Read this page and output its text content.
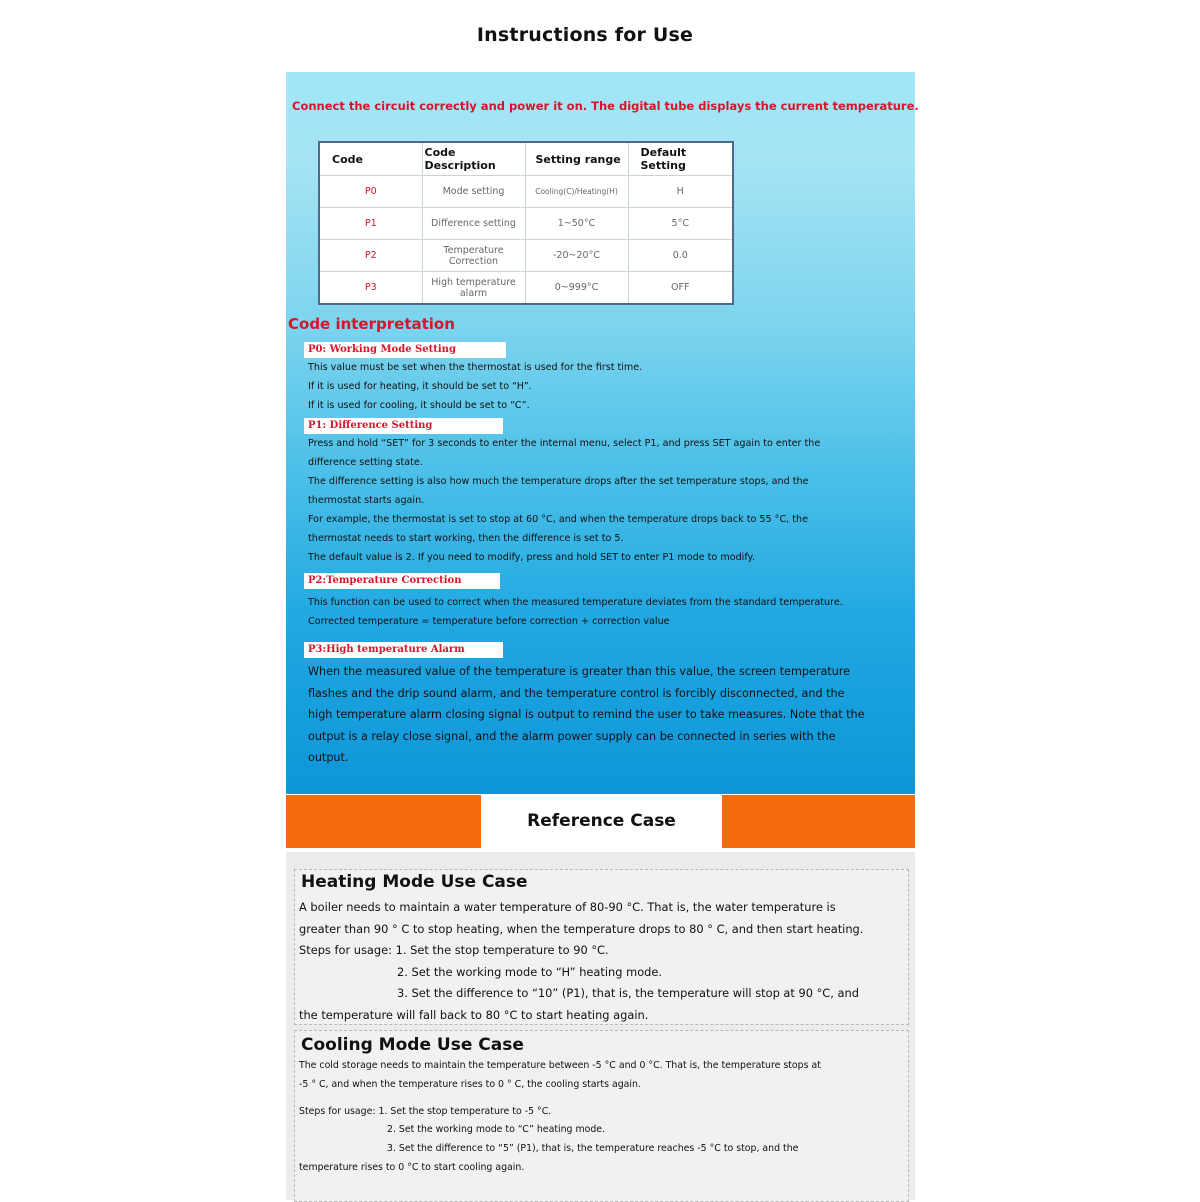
Instructions for Use
Connect the circuit correctly and power it on. The digital tube displays the current temperature.
Code	Code Description	Setting range	Default Setting
P0	Mode setting	Cooling(C)/Heating(H)	H
P1	Difference setting	1~50°C	5°C
P2	Temperature Correction	-20~20°C	0.0
P3	High temperature alarm	0~999°C	OFF
Code interpretation
P0: Working Mode Setting
This value must be set when the thermostat is used for the first time.
If it is used for heating, it should be set to “H”.
If it is used for cooling, it should be set to “C”.
P1: Difference Setting
Press and hold “SET” for 3 seconds to enter the internal menu, select P1, and press SET again to enter the
difference setting state.
The difference setting is also how much the temperature drops after the set temperature stops, and the
thermostat starts again.
For example, the thermostat is set to stop at 60 °C, and when the temperature drops back to 55 °C, the
thermostat needs to start working, then the difference is set to 5.
The default value is 2. If you need to modify, press and hold SET to enter P1 mode to modify.
P2:Temperature Correction
This function can be used to correct when the measured temperature deviates from the standard temperature.
Corrected temperature = temperature before correction + correction value
P3:High temperature Alarm
When the measured value of the temperature is greater than this value, the screen temperature
flashes and the drip sound alarm, and the temperature control is forcibly disconnected, and the
high temperature alarm closing signal is output to remind the user to take measures. Note that the
output is a relay close signal, and the alarm power supply can be connected in series with the
output.
Reference Case
Heating Mode Use Case
A boiler needs to maintain a water temperature of 80-90 °C. That is, the water temperature is
greater than 90 ° C to stop heating, when the temperature drops to 80 ° C, and then start heating.
Steps for usage: 1. Set the stop temperature to 90 °C.
2. Set the working mode to “H” heating mode.
3. Set the difference to “10” (P1), that is, the temperature will stop at 90 °C, and
the temperature will fall back to 80 °C to start heating again.
Cooling Mode Use Case
The cold storage needs to maintain the temperature between -5 °C and 0 °C. That is, the temperature stops at
-5 ° C, and when the temperature rises to 0 ° C, the cooling starts again.
Steps for usage: 1. Set the stop temperature to -5 °C.
2. Set the working mode to “C” heating mode.
3. Set the difference to “5” (P1), that is, the temperature reaches -5 °C to stop, and the
temperature rises to 0 °C to start cooling again.
